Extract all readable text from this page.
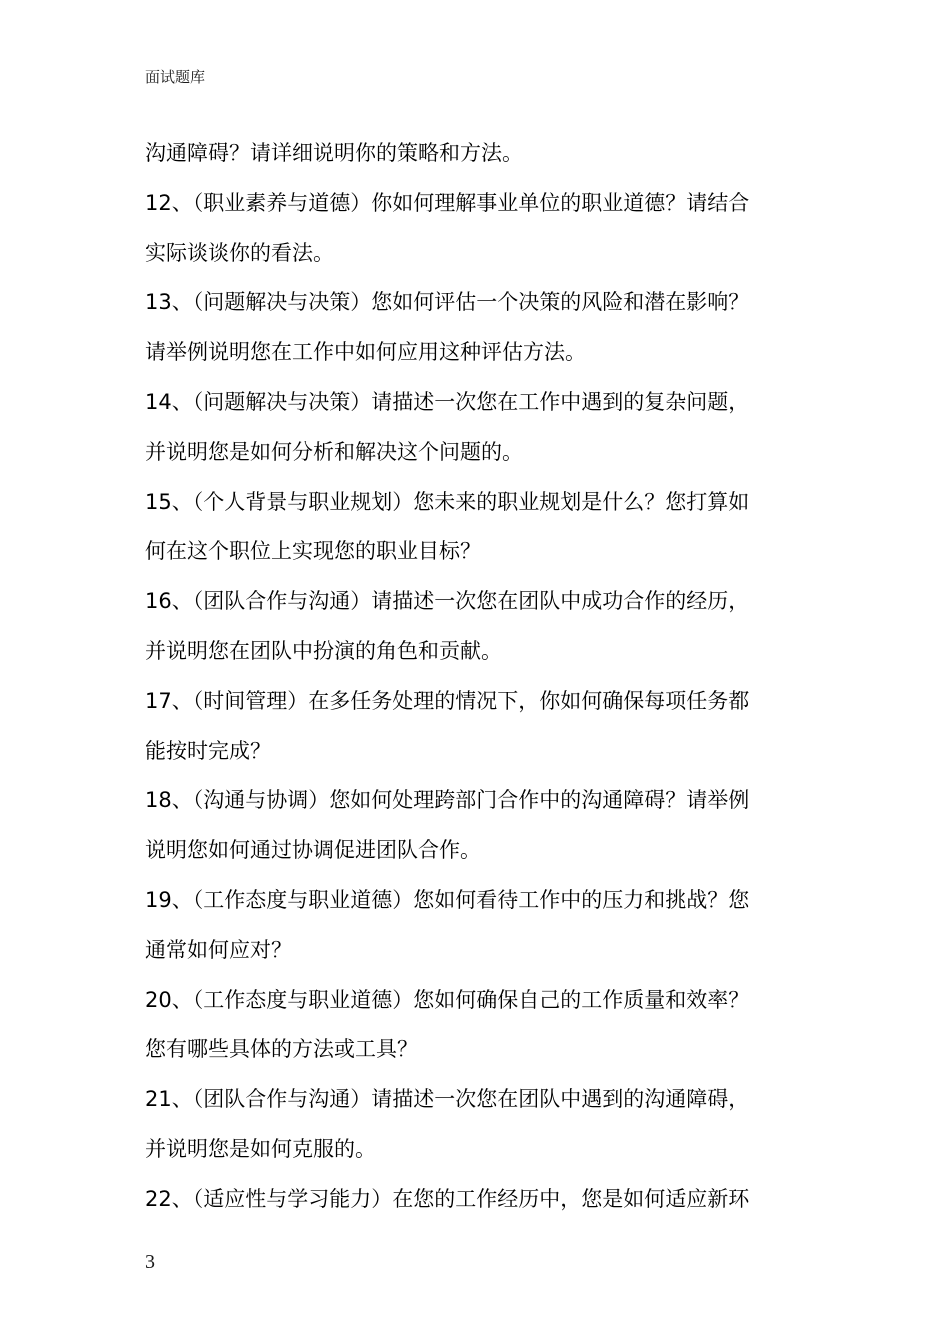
面试题库
沟通障碍？请详细说明你的策略和方法。
12、（职业素养与道德）你如何理解事业单位的职业道德？请结合
实际谈谈你的看法。
13、（问题解决与决策）您如何评估一个决策的风险和潜在影响？
请举例说明您在工作中如何应用这种评估方法。
14、（问题解决与决策）请描述一次您在工作中遇到的复杂问题，
并说明您是如何分析和解决这个问题的。
15、（个人背景与职业规划）您未来的职业规划是什么？您打算如
何在这个职位上实现您的职业目标？
16、（团队合作与沟通）请描述一次您在团队中成功合作的经历，
并说明您在团队中扮演的角色和贡献。
17、（时间管理）在多任务处理的情况下，你如何确保每项任务都
能按时完成？
18、（沟通与协调）您如何处理跨部门合作中的沟通障碍？请举例
说明您如何通过协调促进团队合作。
19、（工作态度与职业道德）您如何看待工作中的压力和挑战？您
通常如何应对？
20、（工作态度与职业道德）您如何确保自己的工作质量和效率？
您有哪些具体的方法或工具？
21、（团队合作与沟通）请描述一次您在团队中遇到的沟通障碍，
并说明您是如何克服的。
22、（适应性与学习能力）在您的工作经历中，您是如何适应新环
3
